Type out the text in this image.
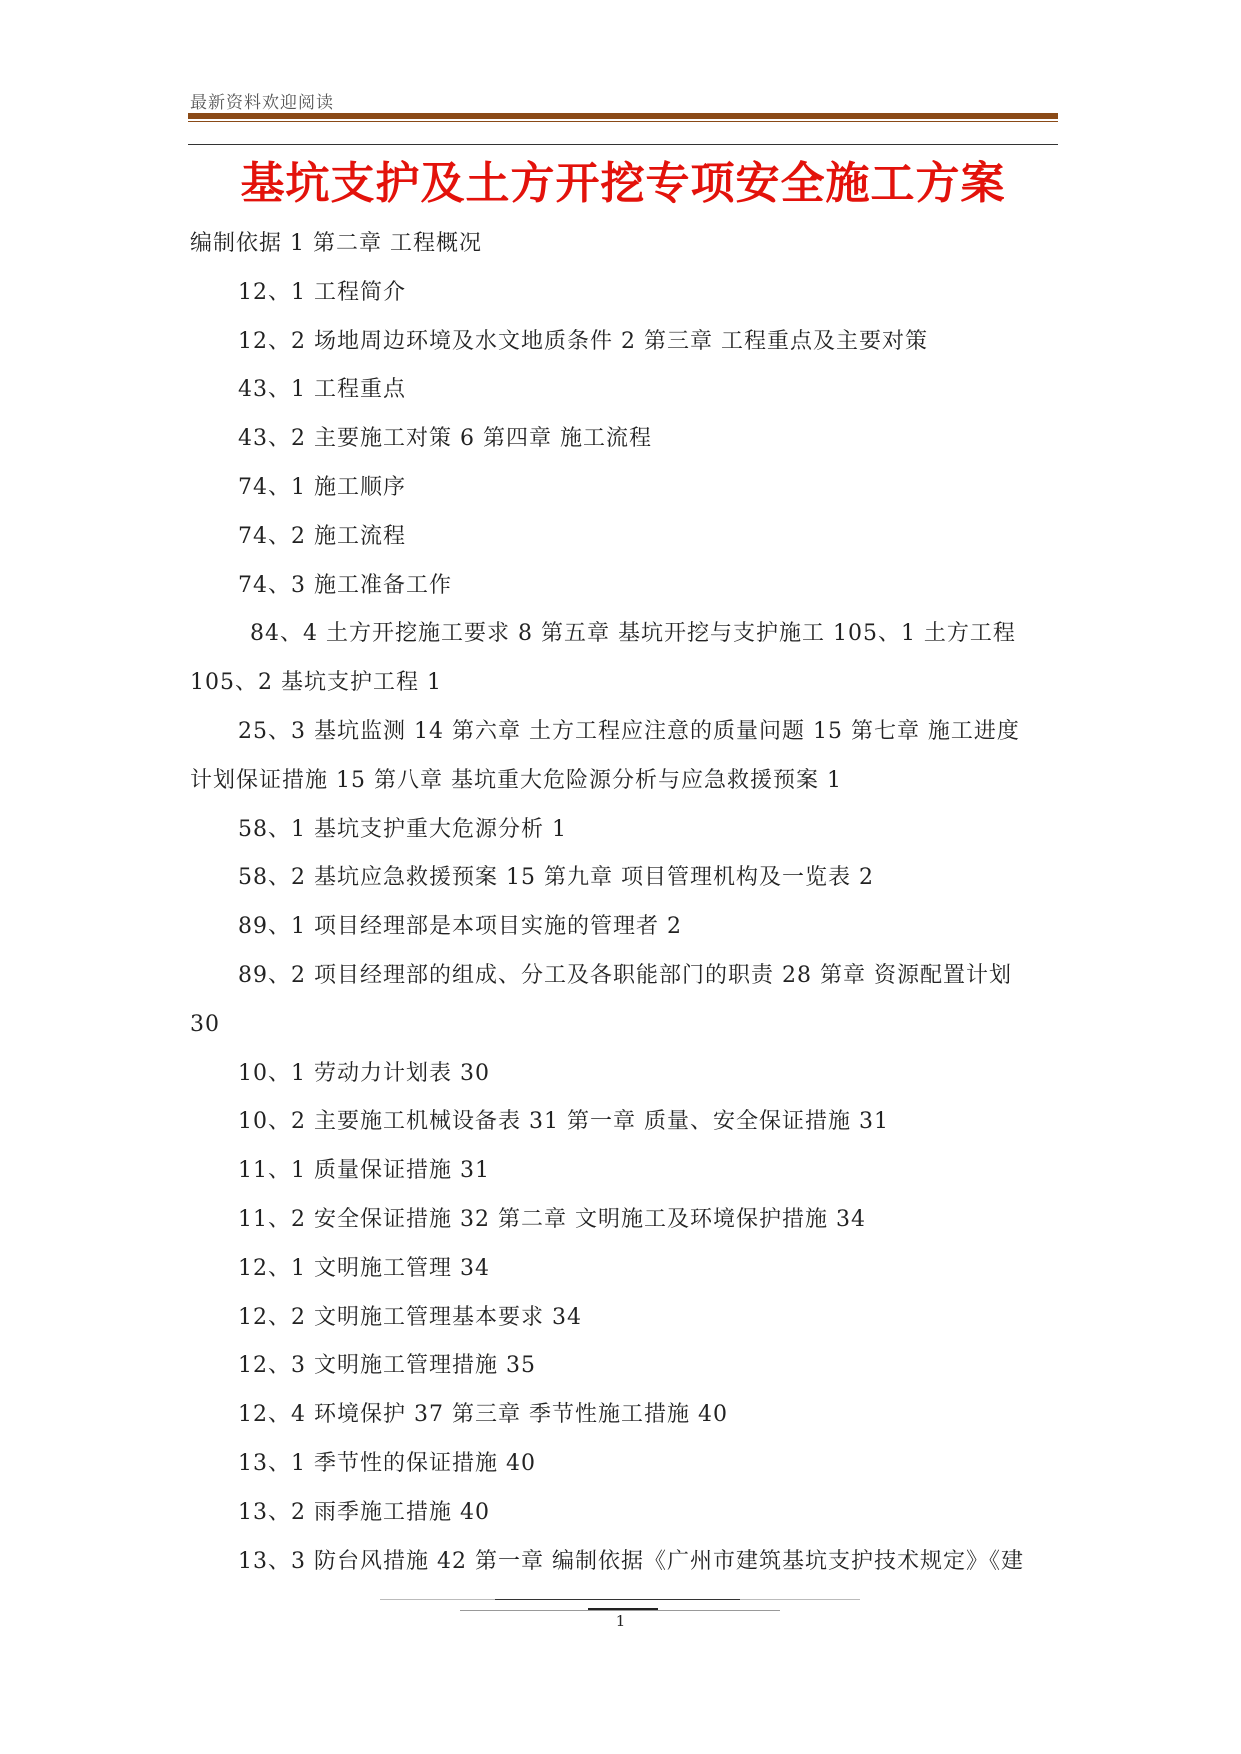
最新资料欢迎阅读
基坑支护及土方开挖专项安全施工方案
编制依据 1 第二章 工程概况
12、1 工程简介
12、2 场地周边环境及水文地质条件 2 第三章 工程重点及主要对策
43、1 工程重点
43、2 主要施工对策 6 第四章 施工流程
74、1 施工顺序
74、2 施工流程
74、3 施工准备工作
84、4 土方开挖施工要求 8 第五章 基坑开挖与支护施工 105、1 土方工程
105、2 基坑支护工程 1
25、3 基坑监测 14 第六章 土方工程应注意的质量问题 15 第七章 施工进度
计划保证措施 15 第八章 基坑重大危险源分析与应急救援预案 1
58、1 基坑支护重大危源分析 1
58、2 基坑应急救援预案 15 第九章 项目管理机构及一览表 2
89、1 项目经理部是本项目实施的管理者 2
89、2 项目经理部的组成、分工及各职能部门的职责 28 第章 资源配置计划
30
10、1 劳动力计划表 30
10、2 主要施工机械设备表 31 第一章 质量、安全保证措施 31
11、1 质量保证措施 31
11、2 安全保证措施 32 第二章 文明施工及环境保护措施 34
12、1 文明施工管理 34
12、2 文明施工管理基本要求 34
12、3 文明施工管理措施 35
12、4 环境保护 37 第三章 季节性施工措施 40
13、1 季节性的保证措施 40
13、2 雨季施工措施 40
13、3 防台风措施 42 第一章 编制依据《广州市建筑基坑支护技术规定》《建
1
